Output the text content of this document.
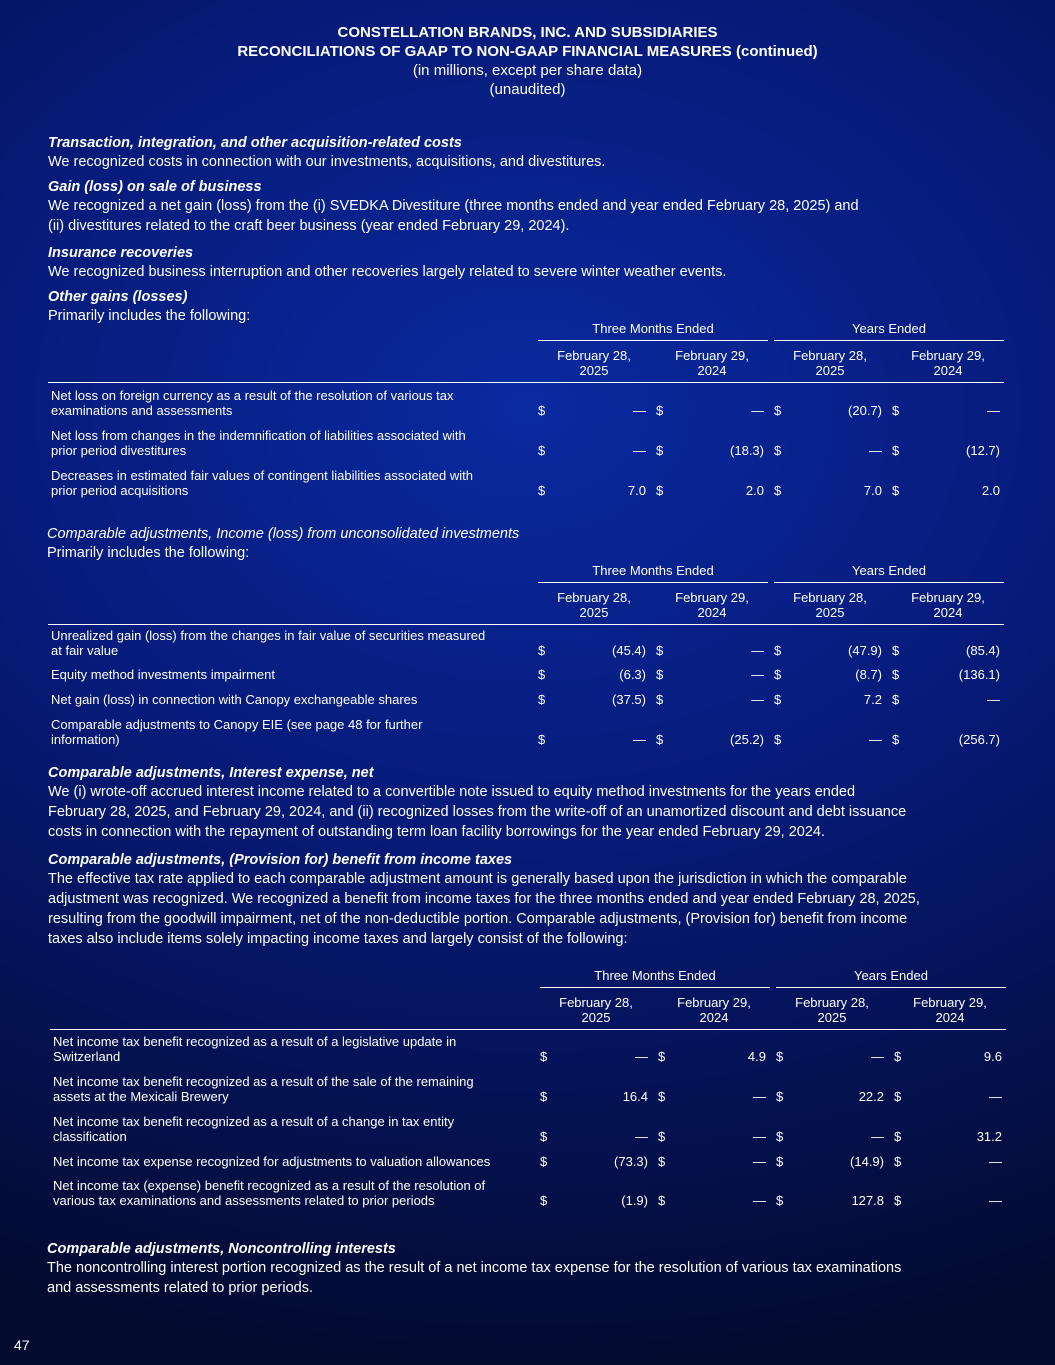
CONSTELLATION BRANDS, INC. AND SUBSIDIARIES
RECONCILIATIONS OF GAAP TO NON-GAAP FINANCIAL MEASURES (continued)
(in millions, except per share data)
(unaudited)
Transaction, integration, and other acquisition-related costs
We recognized costs in connection with our investments, acquisitions, and divestitures.
Gain (loss) on sale of business
We recognized a net gain (loss) from the (i) SVEDKA Divestiture (three months ended and year ended February 28, 2025) and
(ii) divestitures related to the craft beer business (year ended February 29, 2024).
Insurance recoveries
We recognized business interruption and other recoveries largely related to severe winter weather events.
Other gains (losses)
Primarily includes the following:
Three Months Ended	Years Ended
February 28,
2025
February 29,
2024
February 28,
2025
February 29,
2024
Net loss on foreign currency as a result of the resolution of various tax
examinations and assessments	$	— $	— $	(20.7) $	—
Net loss from changes in the indemnification of liabilities associated with
prior period divestitures	$	— $	(18.3) $	— $	(12.7)
Decreases in estimated fair values of contingent liabilities associated with
prior period acquisitions	$	7.0 $	2.0 $	7.0 $	2.0
Comparable adjustments, Income (loss) from unconsolidated investments
Primarily includes the following:
Three Months Ended	Years Ended
February 28,
2025
February 29,
2024
February 28,
2025
February 29,
2024
Unrealized gain (loss) from the changes in fair value of securities measured
at fair value	$	(45.4) $	— $	(47.9) $	(85.4)
Equity method investments impairment	$	(6.3) $	— $	(8.7) $	(136.1)
Net gain (loss) in connection with Canopy exchangeable shares	$	(37.5) $	— $	7.2 $	—
Comparable adjustments to Canopy EIE (see page 48 for further
information)	$	— $	(25.2) $	— $	(256.7)
Comparable adjustments, Interest expense, net
We (i) wrote-off accrued interest income related to a convertible note issued to equity method investments for the years ended
February 28, 2025, and February 29, 2024, and (ii) recognized losses from the write-off of an unamortized discount and debt issuance
costs in connection with the repayment of outstanding term loan facility borrowings for the year ended February 29, 2024.
Comparable adjustments, (Provision for) benefit from income taxes
The effective tax rate applied to each comparable adjustment amount is generally based upon the jurisdiction in which the comparable
adjustment was recognized. We recognized a benefit from income taxes for the three months ended and year ended February 28, 2025,
resulting from the goodwill impairment, net of the non-deductible portion. Comparable adjustments, (Provision for) benefit from income
taxes also include items solely impacting income taxes and largely consist of the following:
Three Months Ended	Years Ended
February 28,
2025
February 29,
2024
February 28,
2025
February 29,
2024
Net income tax benefit recognized as a result of a legislative update in
Switzerland	$	— $	4.9 $	— $	9.6
Net income tax benefit recognized as a result of the sale of the remaining
assets at the Mexicali Brewery	$	16.4 $	— $	22.2 $	—
Net income tax benefit recognized as a result of a change in tax entity
classification	$	— $	— $	— $	31.2
Net income tax expense recognized for adjustments to valuation allowances	$	(73.3) $	— $	(14.9) $	—
Net income tax (expense) benefit recognized as a result of the resolution of
various tax examinations and assessments related to prior periods	$	(1.9) $	— $	127.8 $	—
Comparable adjustments, Noncontrolling interests
The noncontrolling interest portion recognized as the result of a net income tax expense for the resolution of various tax examinations
and assessments related to prior periods.
47
